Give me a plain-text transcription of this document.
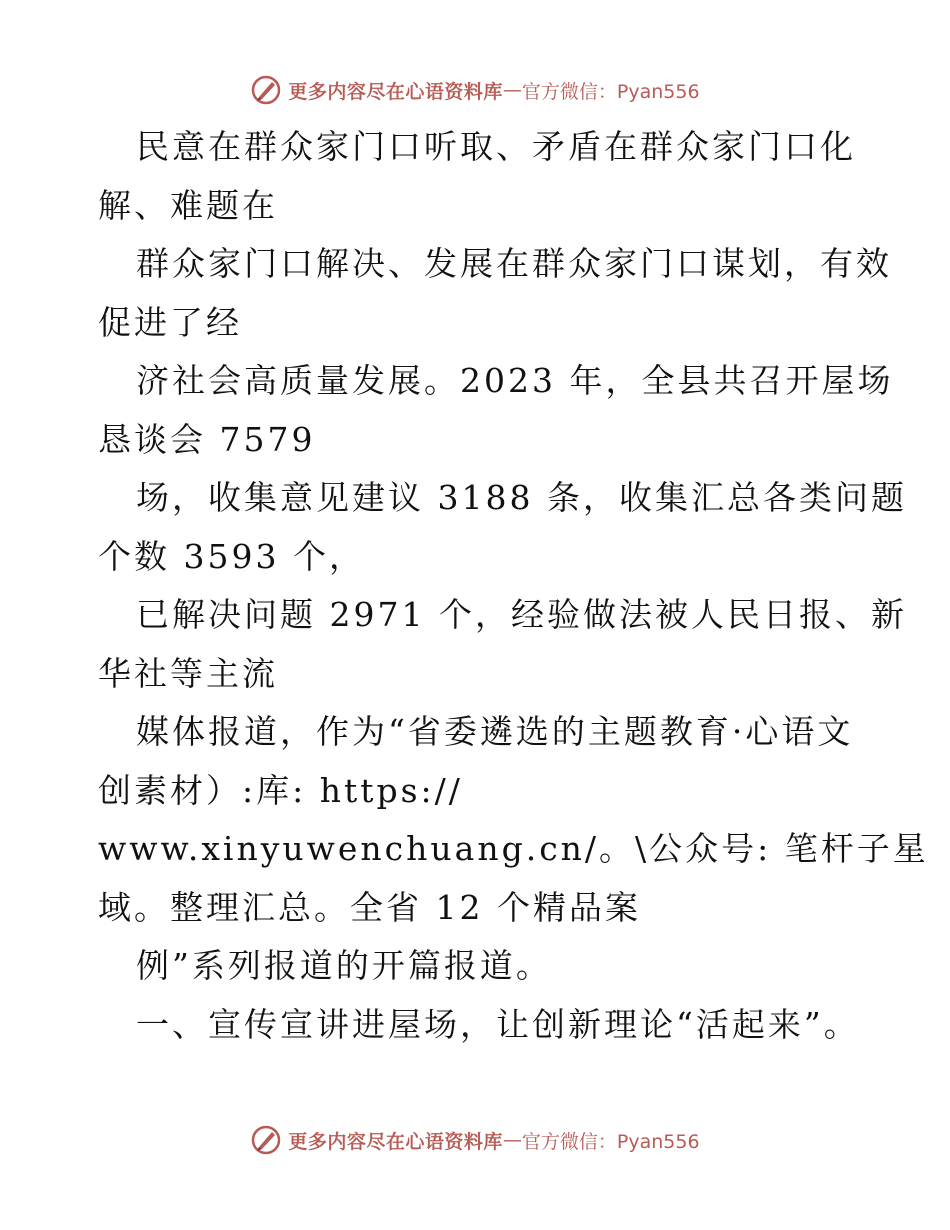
更多内容尽在心语资料库 — 官方微信：Pyan556
民意在群众家门口听取、矛盾在群众家门口化
解、难题在
群众家门口解决、发展在群众家门口谋划，有效
促进了经
济社会高质量发展。2023 年，全县共召开屋场
恳谈会 7579
场，收集意见建议 3188 条，收集汇总各类问题
个数 3593 个，
已解决问题 2971 个，经验做法被人民日报、新
华社等主流
媒体报道，作为“省委遴选的主题教育·心语文
创素材）:库: https://
www.xinyuwenchuang.cn/。\公众号: 笔杆子星
域。整理汇总。全省 12 个精品案
例”系列报道的开篇报道。
一、宣传宣讲进屋场，让创新理论“活起来”。
更多内容尽在心语资料库 — 官方微信：Pyan556
